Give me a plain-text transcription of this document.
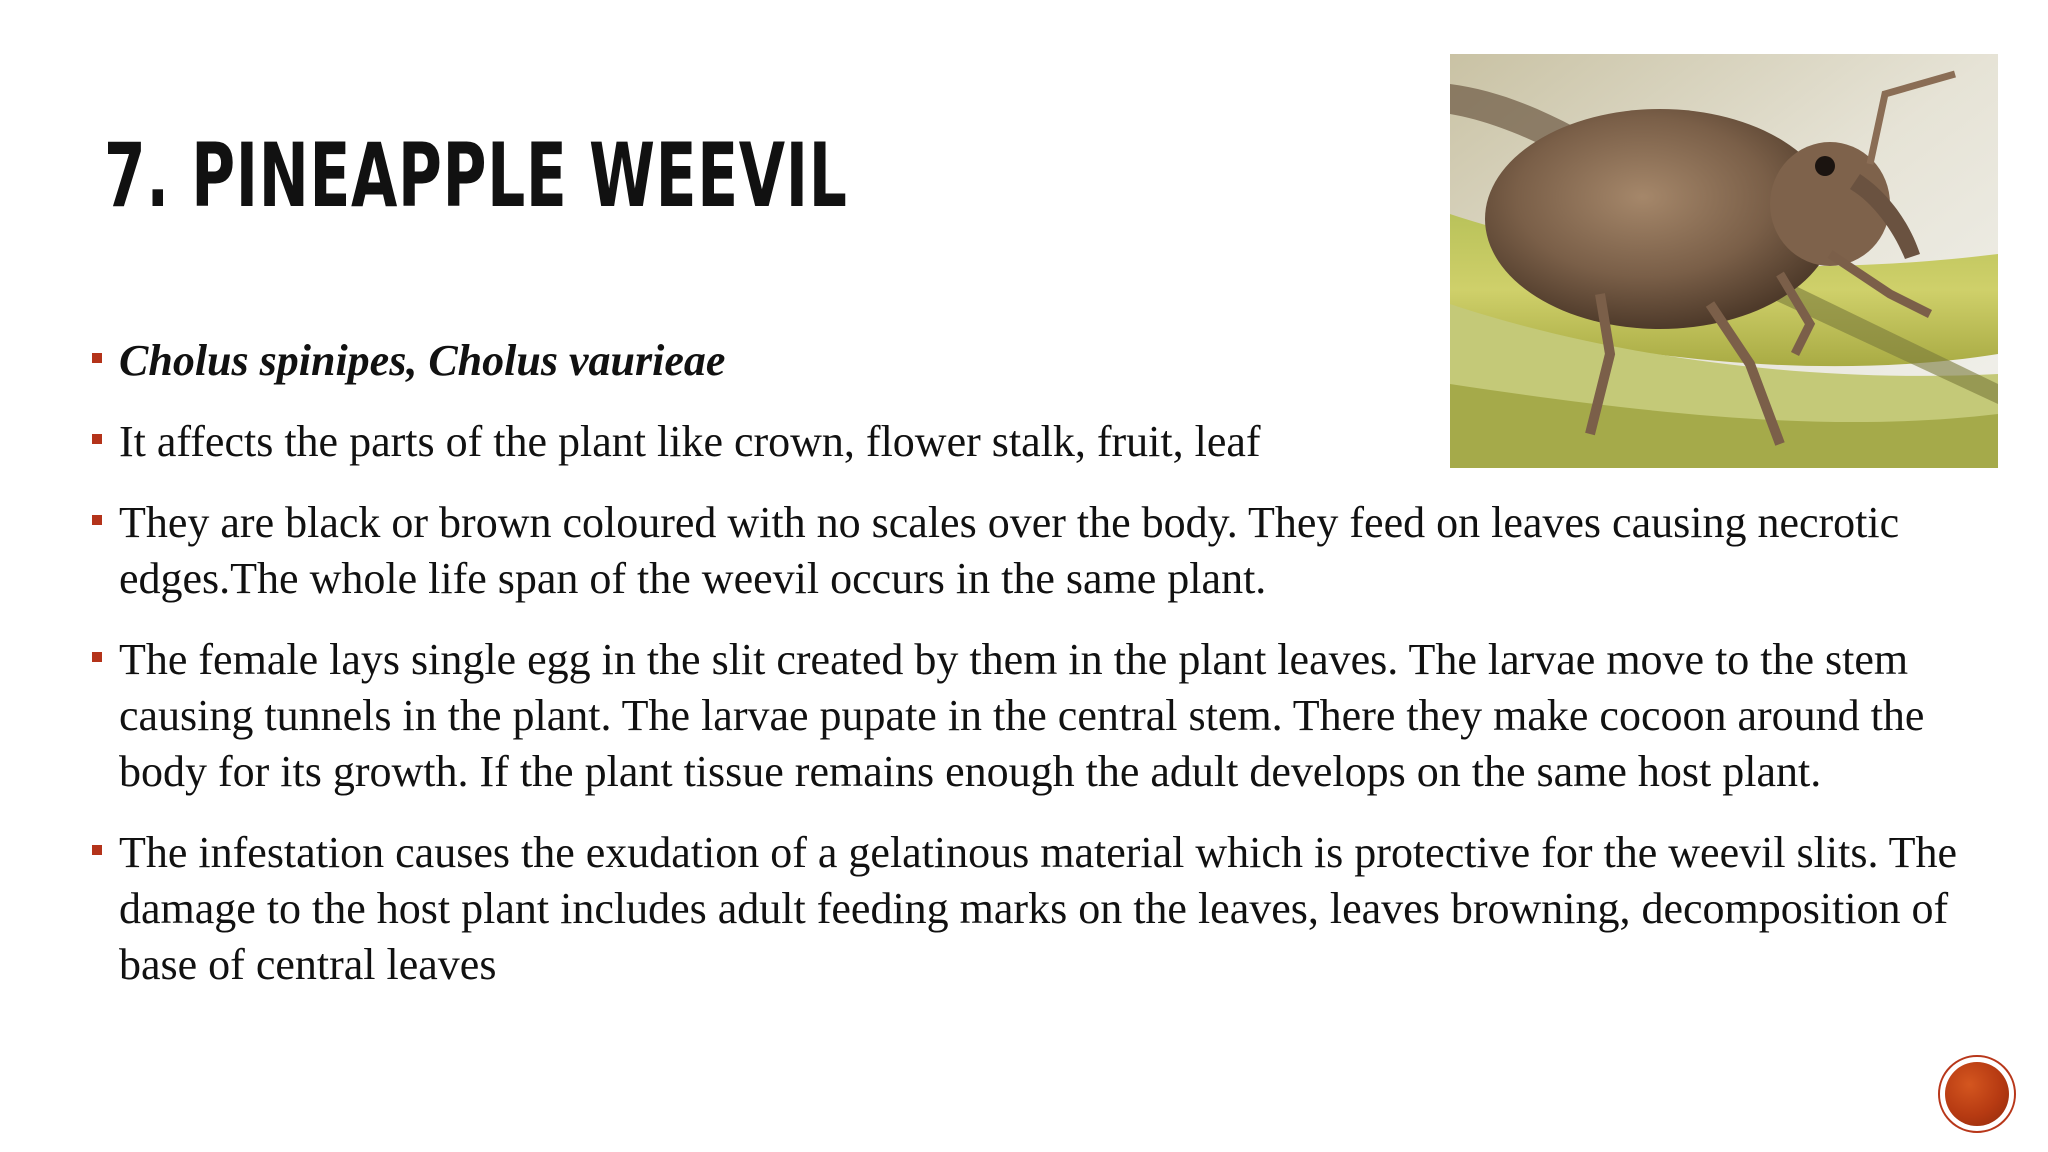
7. PINEAPPLE WEEVIL
Cholus spinipes, Cholus vaurieae
It affects the parts of the plant like crown, flower stalk, fruit, leaf
They are black or brown coloured with no scales over the body. They feed on leaves causing necrotic edges.The whole life span of the weevil occurs in the same plant.
The female lays single egg in the slit created by them in the plant leaves. The larvae move to the stem causing tunnels in the plant. The larvae pupate in the central stem. There they make cocoon around the body for its growth. If the plant tissue remains enough the adult develops on the same host plant.
The infestation causes the exudation of a gelatinous material which is protective for the weevil slits. The damage to the host plant includes adult feeding marks on the leaves, leaves browning, decomposition of base of central leaves
